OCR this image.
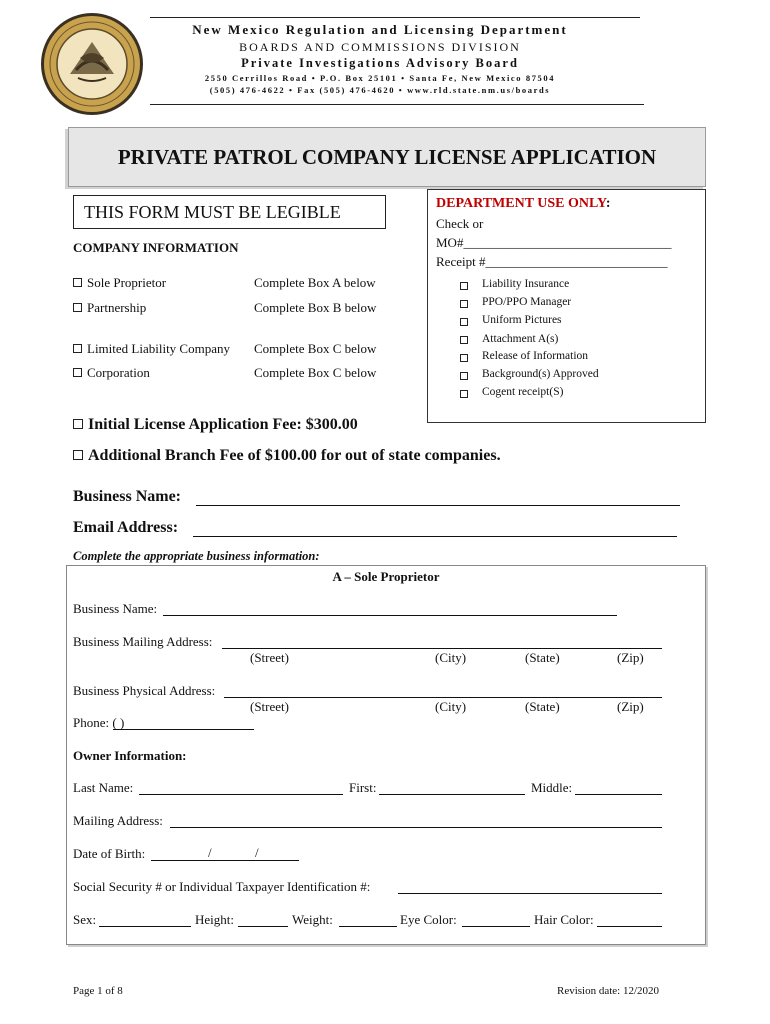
New Mexico Regulation and Licensing Department
BOARDS AND COMMISSIONS DIVISION
Private Investigations Advisory Board
2550 Cerrillos Road • P.O. Box 25101 • Santa Fe, New Mexico 87504
(505) 476-4622 • Fax (505) 476-4620 • www.rld.state.nm.us/boards
PRIVATE PATROL COMPANY LICENSE APPLICATION
THIS FORM MUST BE LEGIBLE	DEPARTMENT USE ONLY:
Check or
MO#________________________________
Receipt #____________________________
Liability Insurance
PPO/PPO Manager
Uniform Pictures
Attachment A(s)
Release of Information
Background(s) Approved
Cogent receipt(S)
COMPANY INFORMATION
Sole Proprietor	Complete Box A below
Partnership	Complete Box B below
Limited Liability Company Complete Box C below
Corporation	Complete Box C below
Initial License Application Fee: $300.00
Additional Branch Fee of $100.00 for out of state companies.
Business Name:
Email Address:
Complete the appropriate business information:
A – Sole Proprietor
Business Name:
Business Mailing Address:
(Street)	(City)	(State)	(Zip)
Business Physical Address:
(Street)	(City)	(State)	(Zip)
Phone: ( )
Owner Information:
Last Name:	First:	Middle:
Mailing Address:
Date of Birth:	/	/
Social Security # or Individual Taxpayer Identification #:
Sex:	Height:	Weight:	Eye Color:	Hair Color:
Page 1 of 8	Revision date: 12/2020
